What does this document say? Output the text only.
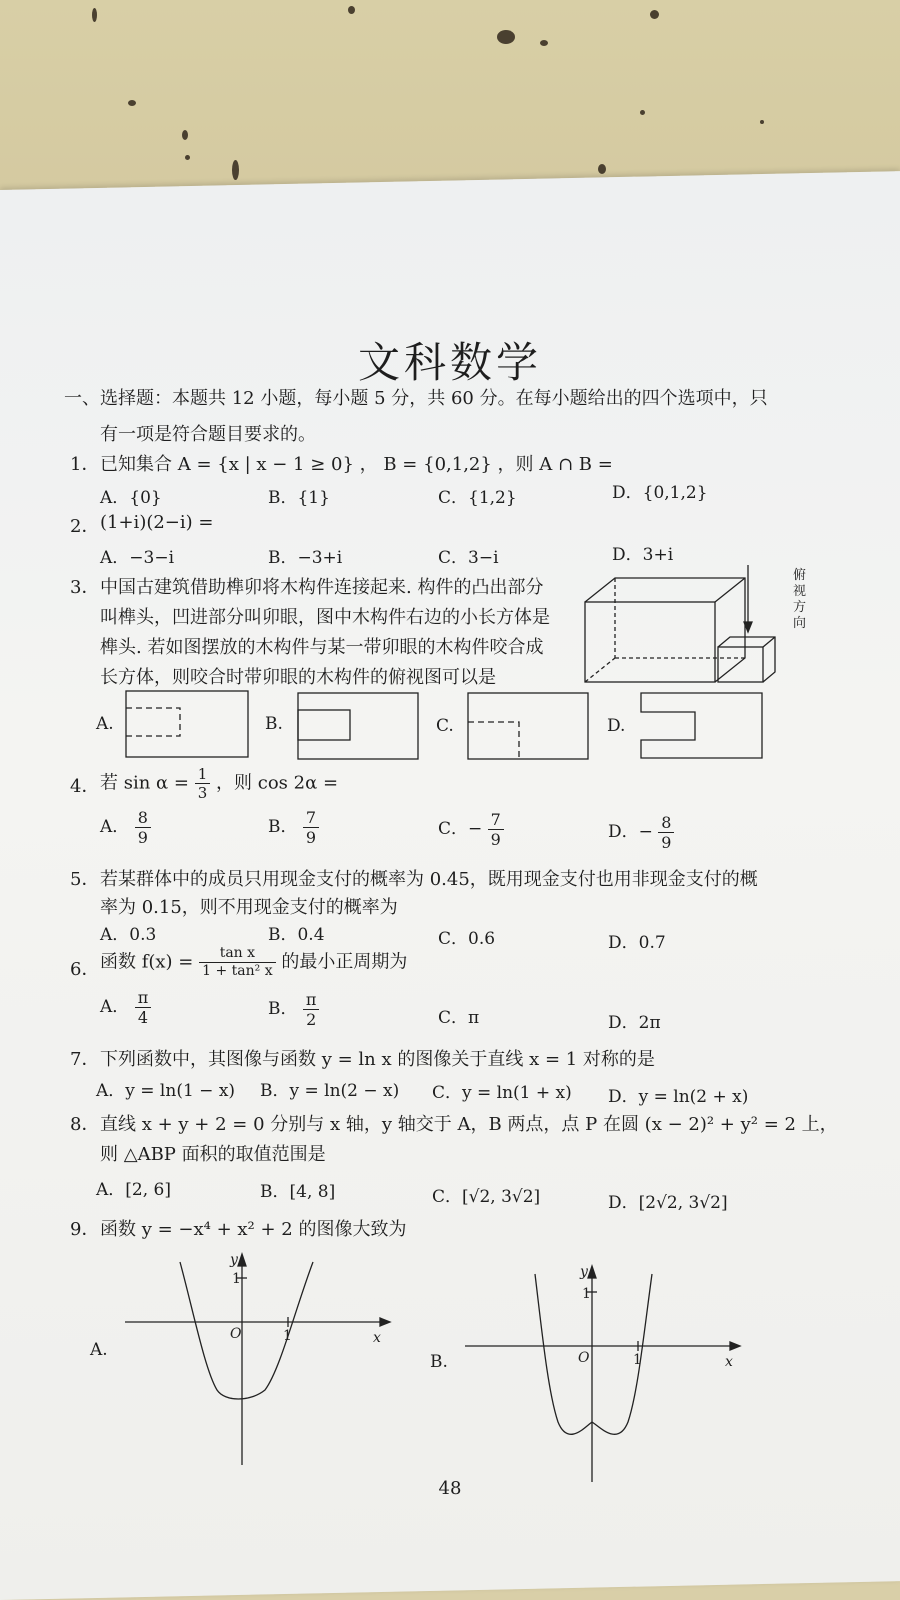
文科数学
一、选择题：本题共 12 小题，每小题 5 分，共 60 分。在每小题给出的四个选项中，只
有一项是符合题目要求的。
1． 已知集合 A = {x | x − 1 ≥ 0} ， B = {0,1,2} ，则 A ∩ B =
A．{0}	B．{1}	C．{1,2}	D．{0,1,2}
2． (1+i)(2−i) =
A．−3−i	B．−3+i	C．3−i	D．3+i
3． 中国古建筑借助榫卯将木构件连接起来. 构件的凸出部分
叫榫头，凹进部分叫卯眼，图中木构件右边的小长方体是
榫头. 若如图摆放的木构件与某一带卯眼的木构件咬合成
长方体，则咬合时带卯眼的木构件的俯视图可以是
俯
视
方
向
A.	B.	C.	D.
4． 若 $\sin \alpha = \frac{1}{3}$ ，则 cos 2α =
A． $\frac{8}{9}$	B． $\frac{7}{9}$	C．− $\frac{7}{9}$	D．− $\frac{8}{9}$
5． 若某群体中的成员只用现金支付的概率为 0.45，既用现金支付也用非现金支付的概
率为 0.15，则不用现金支付的概率为
A．0.3	B．0.4	C．0.6	D．0.7
6． 函数 $f(x) = \frac{\text{tan x}}{\text{1 + tan² x}}$ 的最小正周期为
A． $\frac{\pi}{4}$	B． $\frac{\pi}{2}$	C．π	D．2π
7． 下列函数中，其图像与函数 y = ln x 的图像关于直线 x = 1 对称的是
A．y = ln(1 − x) B．y = ln(2 − x) C．y = ln(1 + x) D．y = ln(2 + x)
8． 直线 x + y + 2 = 0 分别与 x 轴，y 轴交于 A，B 两点，点 P 在圆 (x − 2)² + y² = 2 上，
则 △ABP 面积的取值范围是
A．[2, 6]	B．[4, 8]	C．[√2, 3√2]	D．[2√2, 3√2]
9． 函数 y = −x⁴ + x² + 2 的图像大致为
A.
y
1
O	1	x
B.
y
1
O	1	x
48
